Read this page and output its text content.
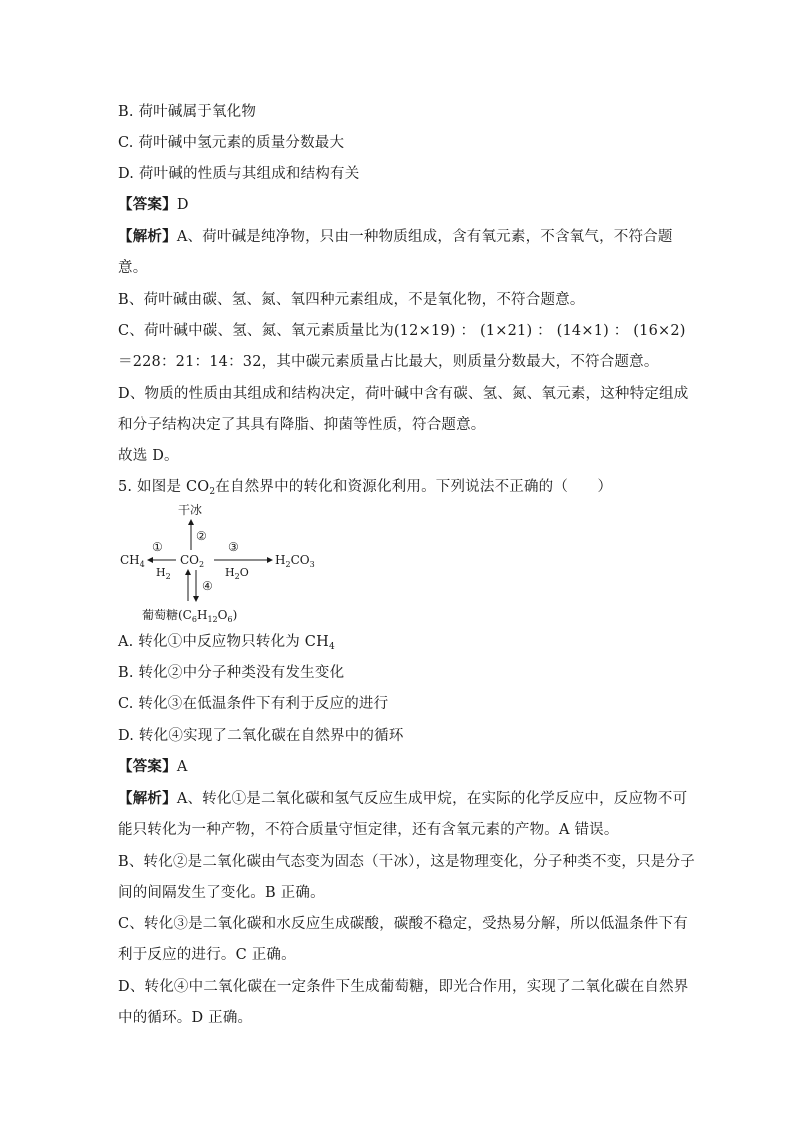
B. 荷叶碱属于氧化物
C. 荷叶碱中氢元素的质量分数最大
D. 荷叶碱的性质与其组成和结构有关
【答案】D
【解析】A、荷叶碱是纯净物，只由一种物质组成，含有氧元素，不含氧气，不符合题
意。
B、荷叶碱由碳、氢、氮、氧四种元素组成，不是氧化物，不符合题意。
C、荷叶碱中碳、氢、氮、氧元素质量比为(12×19) ： (1×21) ： (14×1) ： (16×2)
＝228：21：14：32，其中碳元素质量占比最大，则质量分数最大，不符合题意。
D、物质的性质由其组成和结构决定，荷叶碱中含有碳、氢、氮、氧元素，这种特定组成
和分子结构决定了其具有降脂、抑菌等性质，符合题意。
故选 D。
5. 如图是 $CO_2$在自然界中的转化和资源化利用。下列说法不正确的（　　）
干冰
②
$CO_2$
$CH_4$
①
$H_2$
③
$H_2O$
$H_2CO_3$
④
葡萄糖$(C_6H_{12}O_6)$
A. 转化①中反应物只转化为 $CH_4$
B. 转化②中分子种类没有发生变化
C. 转化③在低温条件下有利于反应的进行
D. 转化④实现了二氧化碳在自然界中的循环
【答案】A
【解析】A、转化①是二氧化碳和氢气反应生成甲烷，在实际的化学反应中，反应物不可
能只转化为一种产物，不符合质量守恒定律，还有含氧元素的产物。A 错误。
B、转化②是二氧化碳由气态变为固态（干冰），这是物理变化，分子种类不变，只是分子
间的间隔发生了变化。B 正确。
C、转化③是二氧化碳和水反应生成碳酸，碳酸不稳定，受热易分解，所以低温条件下有
利于反应的进行。C 正确。
D、转化④中二氧化碳在一定条件下生成葡萄糖，即光合作用，实现了二氧化碳在自然界
中的循环。D 正确。
